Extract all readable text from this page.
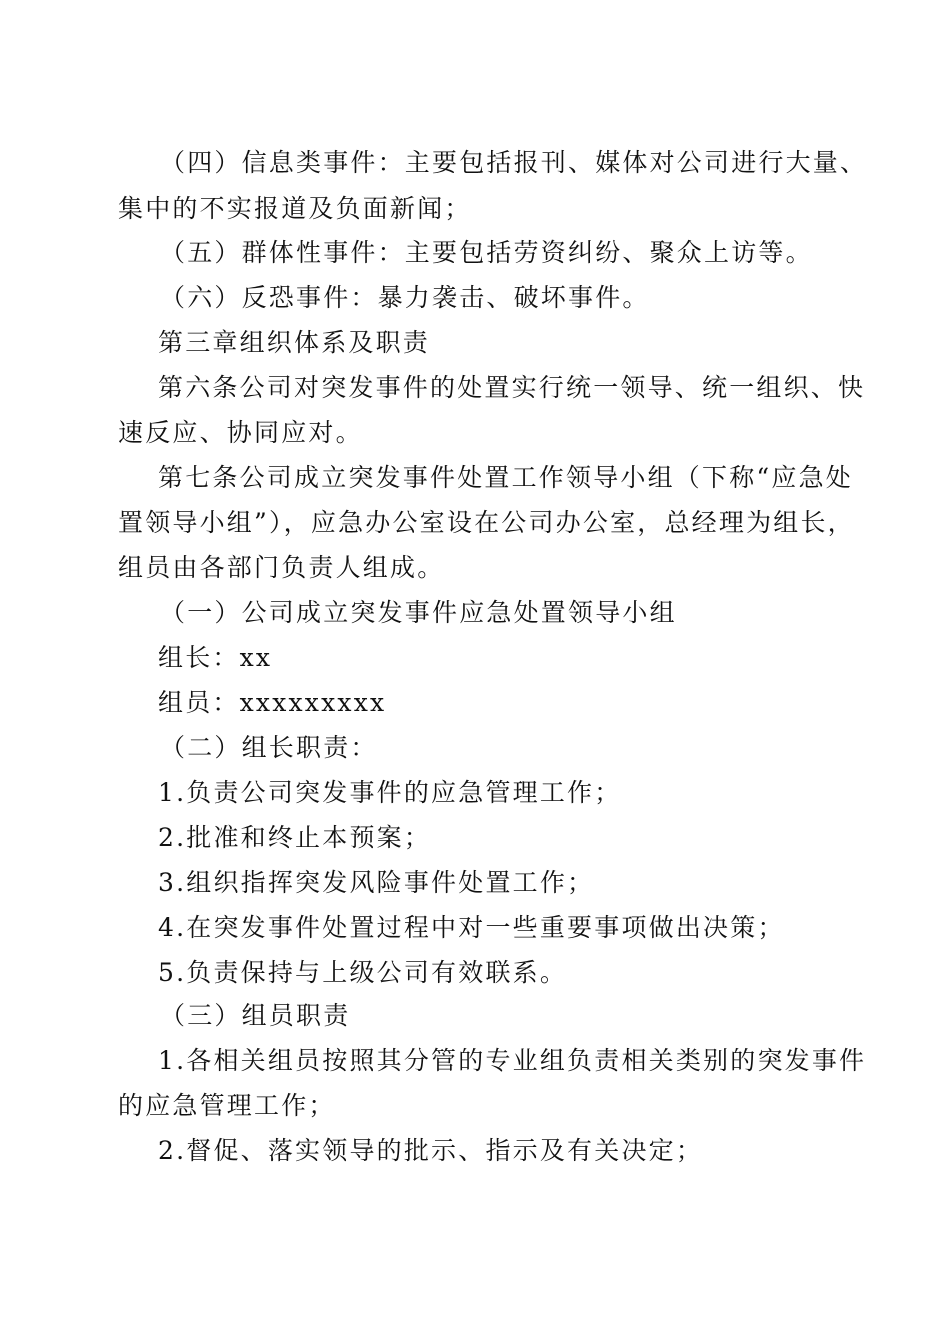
（四）信息类事件：主要包括报刊、媒体对公司进行大量、
集中的不实报道及负面新闻；
（五）群体性事件：主要包括劳资纠纷、聚众上访等。
（六）反恐事件：暴力袭击、破坏事件。
第三章组织体系及职责
第六条公司对突发事件的处置实行统一领导、统一组织、快
速反应、协同应对。
第七条公司成立突发事件处置工作领导小组（下称“应急处
置领导小组”），应急办公室设在公司办公室，总经理为组长，
组员由各部门负责人组成。
（一）公司成立突发事件应急处置领导小组
组长：xx
组员：xxxxxxxxx
（二）组长职责：
1.负责公司突发事件的应急管理工作；
2.批准和终止本预案；
3.组织指挥突发风险事件处置工作；
4.在突发事件处置过程中对一些重要事项做出决策；
5.负责保持与上级公司有效联系。
（三）组员职责
1.各相关组员按照其分管的专业组负责相关类别的突发事件
的应急管理工作；
2.督促、落实领导的批示、指示及有关决定；
